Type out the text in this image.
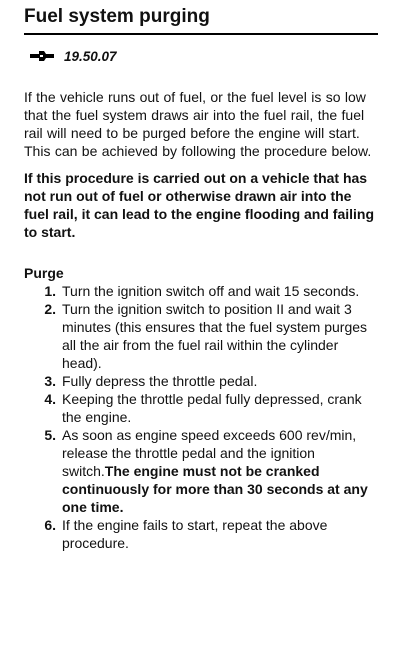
Fuel system purging
19.50.07

If the vehicle runs out of fuel, or the fuel level is so low that the fuel system draws air into the fuel rail, the fuel rail will need to be purged before the engine will start. This can be achieved by following the procedure below.

If this procedure is carried out on a vehicle that has not run out of fuel or otherwise drawn air into the fuel rail, it can lead to the engine flooding and failing to start.

Purge
1. Turn the ignition switch off and wait 15 seconds.
2. Turn the ignition switch to position II and wait 3 minutes (this ensures that the fuel system purges all the air from the fuel rail within the cylinder head).
3. Fully depress the throttle pedal.
4. Keeping the throttle pedal fully depressed, crank the engine.
5. As soon as engine speed exceeds 600 rev/min, release the throttle pedal and the ignition switch.The engine must not be cranked continuously for more than 30 seconds at any one time.
6. If the engine fails to start, repeat the above procedure.
